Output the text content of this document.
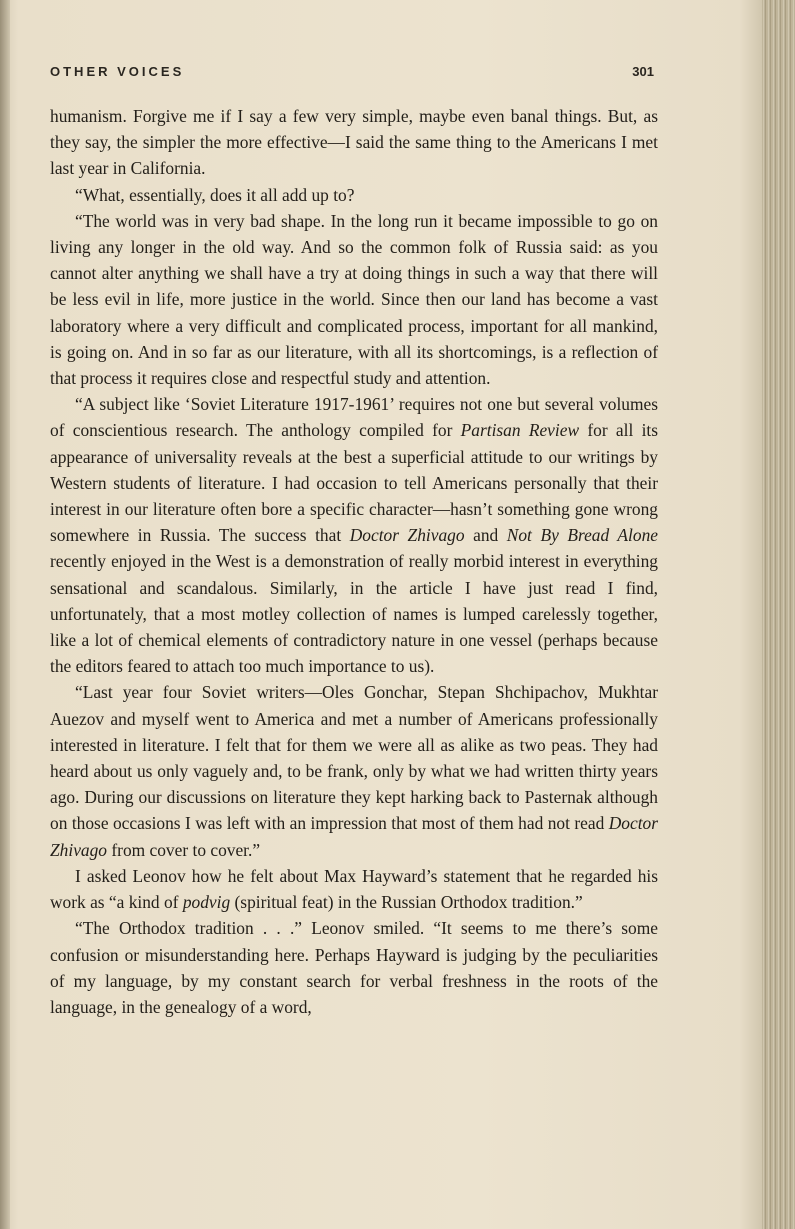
OTHER VOICES	301

humanism. Forgive me if I say a few very simple, maybe even banal things. But, as they say, the simpler the more effective—I said the same thing to the Americans I met last year in California.

“What, essentially, does it all add up to?

“The world was in very bad shape. In the long run it became impossible to go on living any longer in the old way. And so the common folk of Russia said: as you cannot alter anything we shall have a try at doing things in such a way that there will be less evil in life, more justice in the world. Since then our land has become a vast laboratory where a very difficult and complicated process, important for all mankind, is going on. And in so far as our literature, with all its shortcomings, is a reflection of that process it requires close and respectful study and attention.

“A subject like ‘Soviet Literature 1917-1961’ requires not one but several volumes of conscientious research. The anthology compiled for Partisan Review for all its appearance of universality reveals at the best a superficial attitude to our writings by Western students of literature. I had occasion to tell Americans personally that their interest in our literature often bore a specific character—hasn’t something gone wrong somewhere in Russia. The success that Doctor Zhivago and Not By Bread Alone recently enjoyed in the West is a demonstration of really morbid interest in everything sensational and scandalous. Similarly, in the article I have just read I find, unfortunately, that a most motley collection of names is lumped carelessly together, like a lot of chemical elements of contradictory nature in one vessel (perhaps because the editors feared to attach too much importance to us).

“Last year four Soviet writers—Oles Gonchar, Stepan Shchipachov, Mukhtar Auezov and myself went to America and met a number of Americans professionally interested in literature. I felt that for them we were all as alike as two peas. They had heard about us only vaguely and, to be frank, only by what we had written thirty years ago. During our discussions on literature they kept harking back to Pasternak although on those occasions I was left with an impression that most of them had not read Doctor Zhivago from cover to cover.”

I asked Leonov how he felt about Max Hayward’s statement that he regarded his work as “a kind of podvig (spiritual feat) in the Russian Orthodox tradition.”

“The Orthodox tradition . . .” Leonov smiled. “It seems to me there’s some confusion or misunderstanding here. Perhaps Hayward is judging by the peculiarities of my language, by my constant search for verbal freshness in the roots of the language, in the genealogy of a word,
